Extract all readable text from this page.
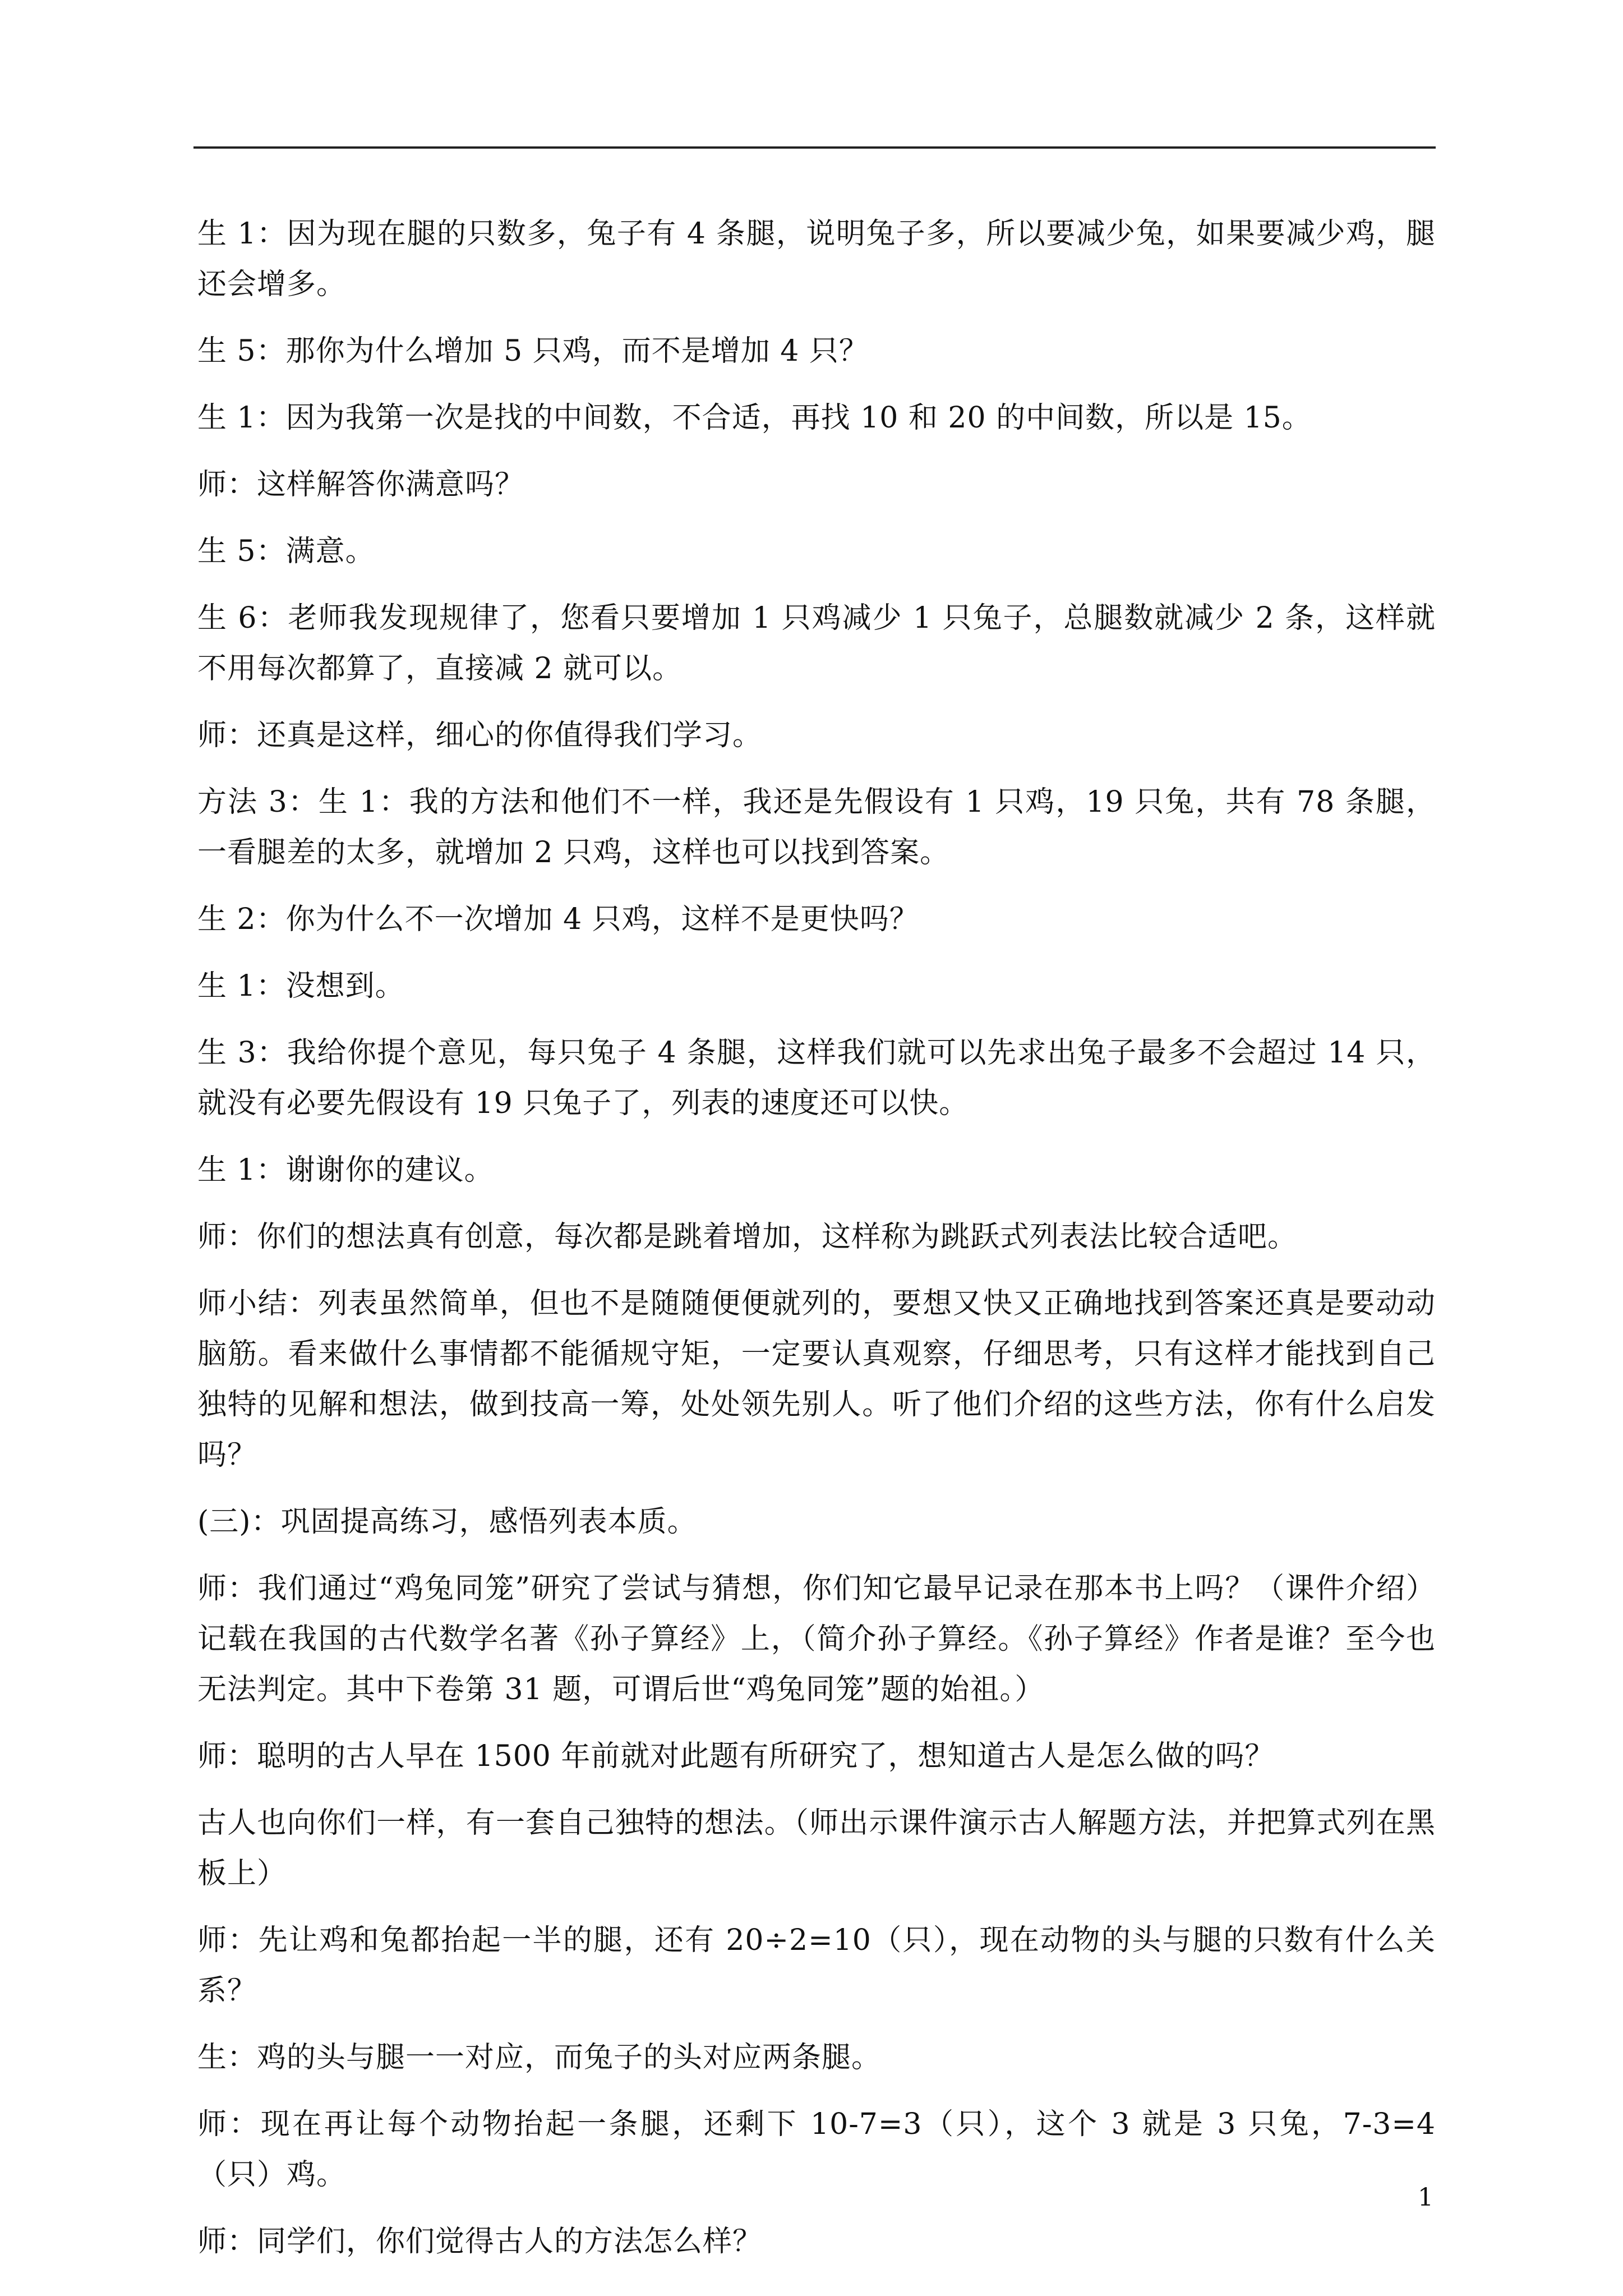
生 1：因为现在腿的只数多，兔子有 4 条腿，说明兔子多，所以要减少兔，如果要减少鸡，腿还会增多。

生 5：那你为什么增加 5 只鸡，而不是增加 4 只？

生 1：因为我第一次是找的中间数，不合适，再找 10 和 20 的中间数，所以是 15。

师：这样解答你满意吗？

生 5：满意。

生 6：老师我发现规律了，您看只要增加 1 只鸡减少 1 只兔子，总腿数就减少 2 条，这样就不用每次都算了，直接减 2 就可以。

师：还真是这样，细心的你值得我们学习。

方法 3：生 1：我的方法和他们不一样，我还是先假设有 1 只鸡，19 只兔，共有 78 条腿，一看腿差的太多，就增加 2 只鸡，这样也可以找到答案。

生 2：你为什么不一次增加 4 只鸡，这样不是更快吗？

生 1：没想到。

生 3：我给你提个意见，每只兔子 4 条腿，这样我们就可以先求出兔子最多不会超过 14 只，就没有必要先假设有 19 只兔子了，列表的速度还可以快。

生 1：谢谢你的建议。

师：你们的想法真有创意，每次都是跳着增加，这样称为跳跃式列表法比较合适吧。

师小结：列表虽然简单，但也不是随随便便就列的，要想又快又正确地找到答案还真是要动动脑筋。看来做什么事情都不能循规守矩，一定要认真观察，仔细思考，只有这样才能找到自己独特的见解和想法，做到技高一筹，处处领先别人。听了他们介绍的这些方法，你有什么启发吗？

(三)：巩固提高练习，感悟列表本质。

师：我们通过“鸡兔同笼”研究了尝试与猜想，你们知它最早记录在那本书上吗？（课件介绍）记载在我国的古代数学名著《孙子算经》上，（简介孙子算经。《孙子算经》作者是谁？至今也无法判定。其中下卷第 31 题，可谓后世“鸡兔同笼”题的始祖。）

师：聪明的古人早在 1500 年前就对此题有所研究了，想知道古人是怎么做的吗？

古人也向你们一样，有一套自己独特的想法。（师出示课件演示古人解题方法，并把算式列在黑板上）

师：先让鸡和兔都抬起一半的腿，还有 20÷2=10（只），现在动物的头与腿的只数有什么关系？

生：鸡的头与腿一一对应，而兔子的头对应两条腿。

师：现在再让每个动物抬起一条腿，还剩下 10-7=3（只），这个 3 就是 3 只兔，7-3=4（只）鸡。

师：同学们，你们觉得古人的方法怎么样？

1
